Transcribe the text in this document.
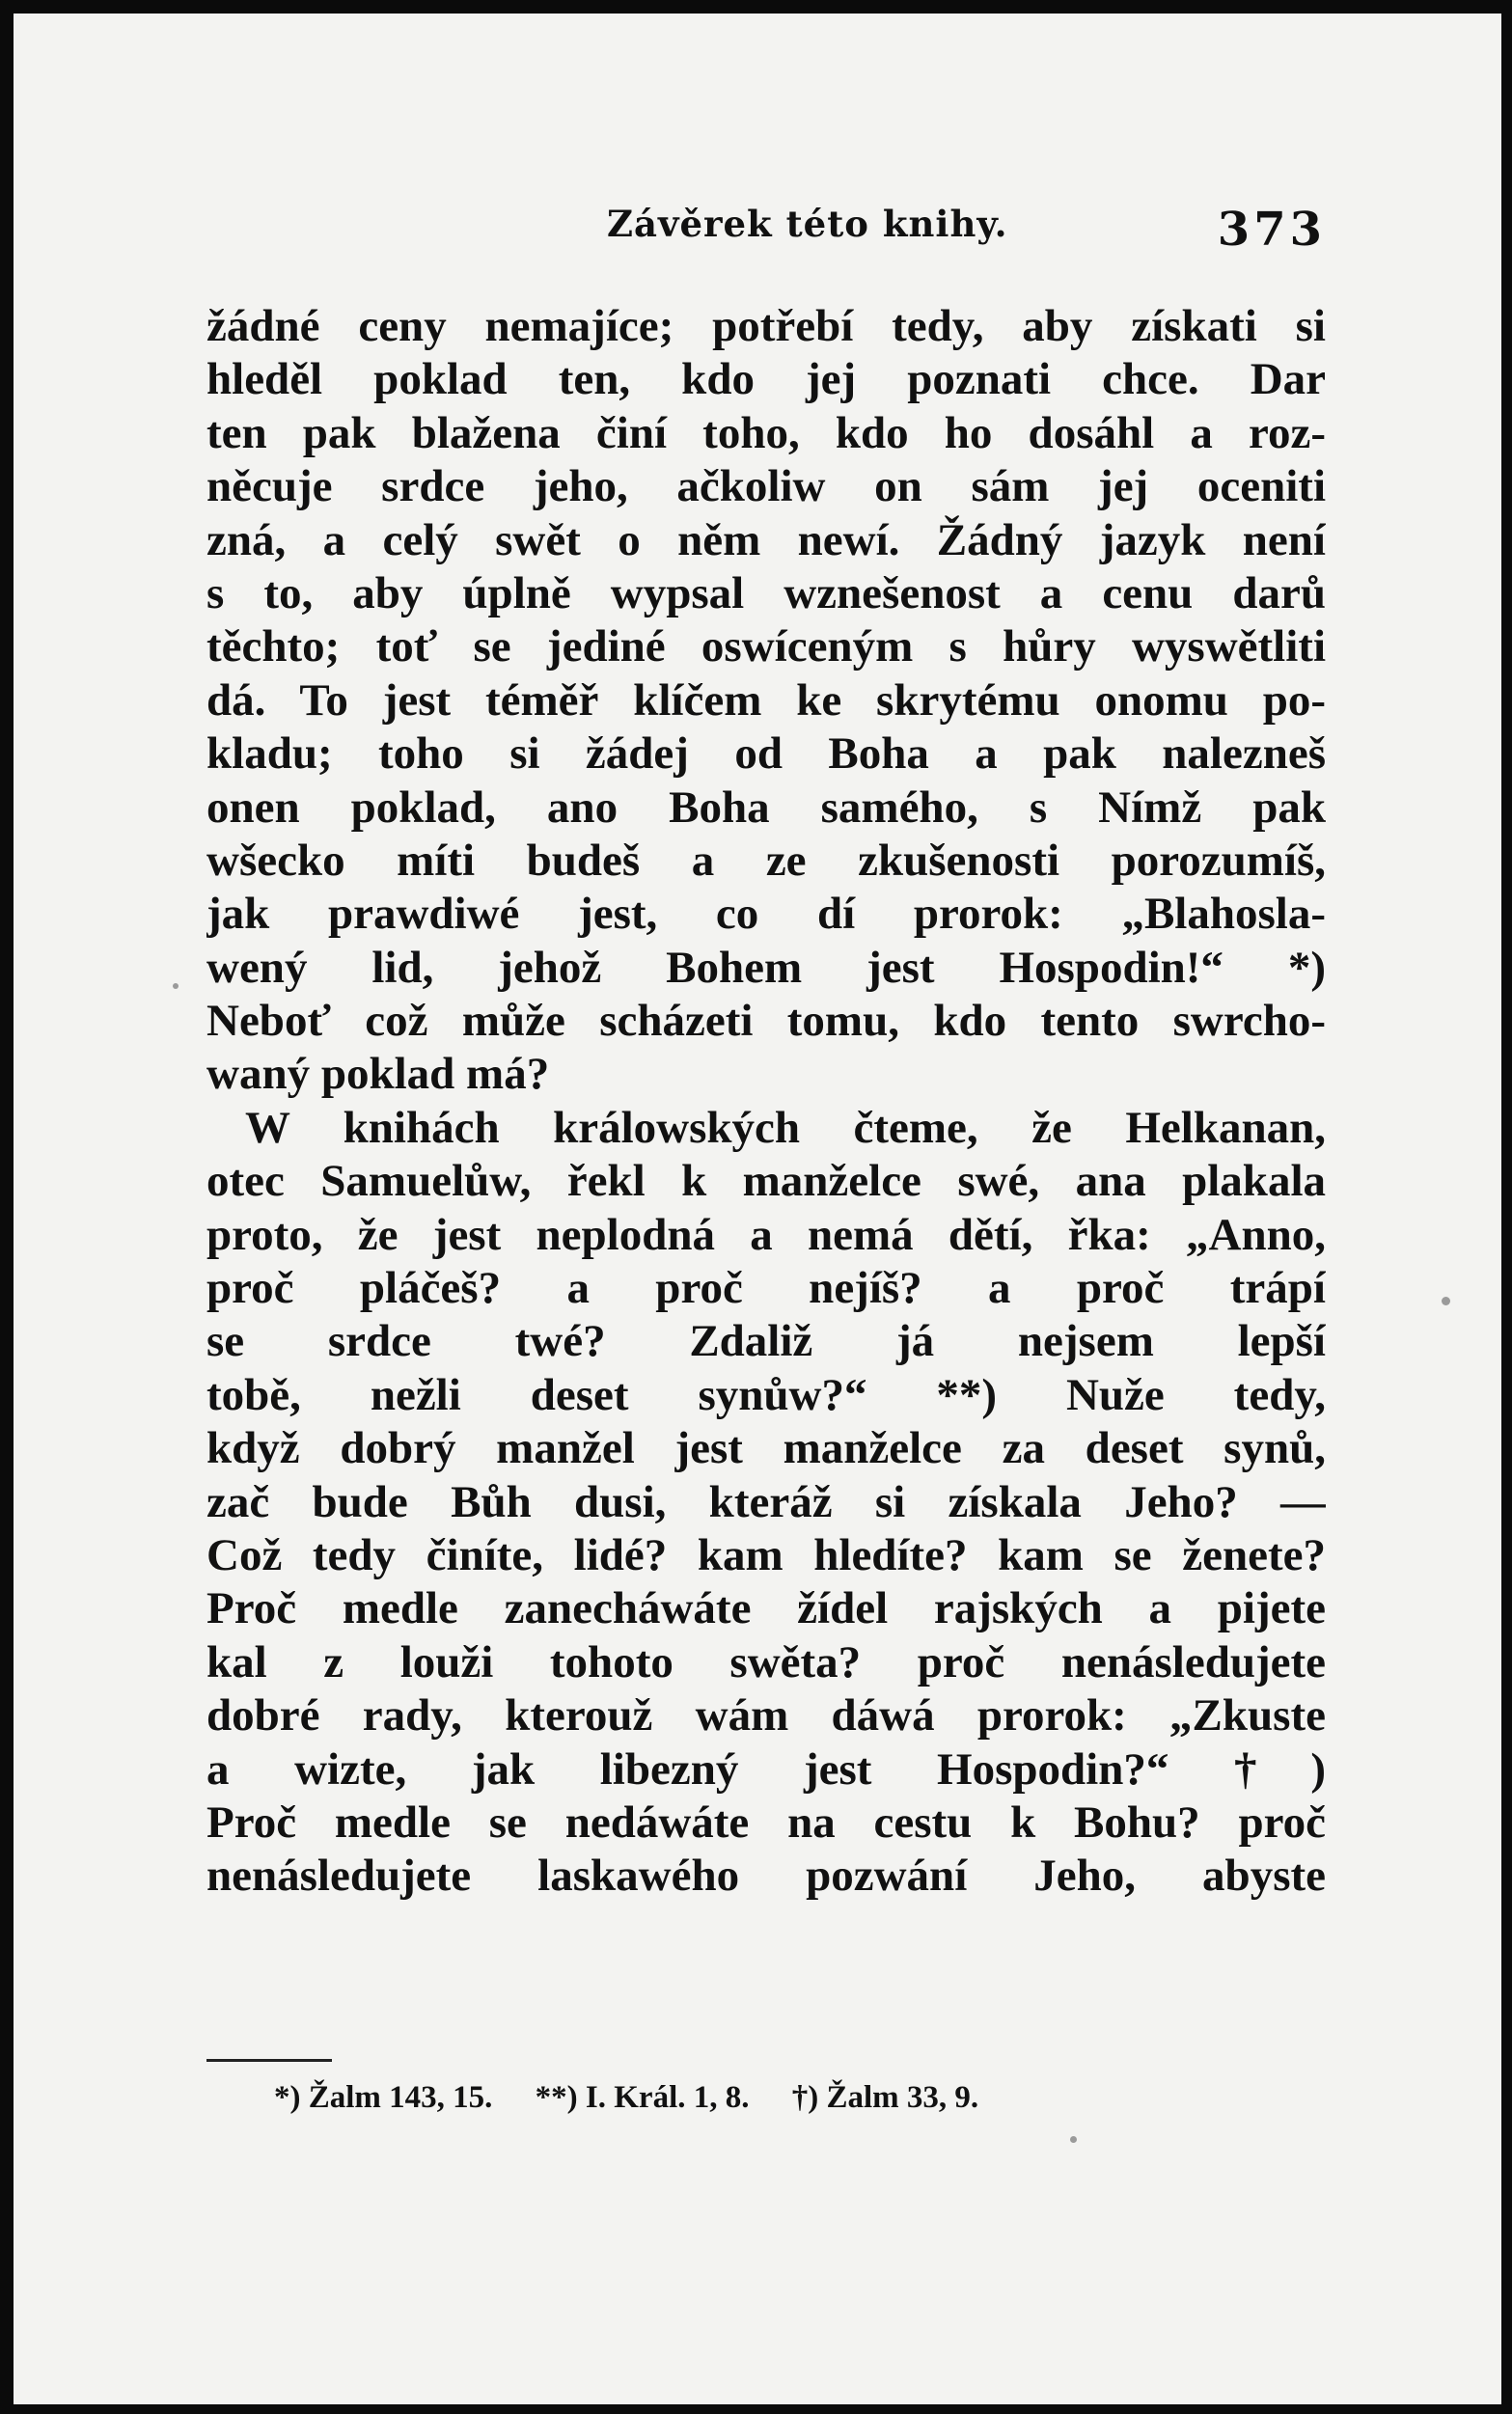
Závěrek této knihy.	373
žádné ceny nemajíce; potřebí tedy, aby získati si
hleděl poklad ten, kdo jej poznati chce. Dar
ten pak blažena činí toho, kdo ho dosáhl a roz-
něcuje srdce jeho, ačkoliw on sám jej oceniti
zná, a celý swět o něm newí. Žádný jazyk není
s to, aby úplně wypsal wznešenost a cenu darů
těchto; toť se jediné oswíceným s hůry wyswětliti
dá. To jest téměř klíčem ke skrytému onomu po-
kladu; toho si žádej od Boha a pak nalezneš
onen poklad, ano Boha samého, s Nímž pak
wšecko míti budeš a ze zkušenosti porozumíš,
jak prawdiwé jest, co dí prorok: „Blahosla-
wený lid, jehož Bohem jest Hospodin!“ *)
Neboť což může scházeti tomu, kdo tento swrcho-
waný poklad má?
W knihách králowských čteme, že Helkanan,
otec Samuelůw, řekl k manželce swé, ana plakala
proto, že jest neplodná a nemá dětí, řka: „Anno,
proč pláčeš? a proč nejíš? a proč trápí
se srdce twé? Zdaliž já nejsem lepší
tobě, nežli deset synůw?“ **) Nuže tedy,
když dobrý manžel jest manželce za deset synů,
zač bude Bůh dusi, kteráž si získala Jeho? —
Což tedy činíte, lidé? kam hledíte? kam se ženete?
Proč medle zanecháwáte žídel rajských a pijete
kal z louži tohoto swěta? proč nenásledujete
dobré rady, kterouž wám dáwá prorok: „Zkuste
a wizte, jak libezný jest Hospodin?“ †)
Proč medle se nedáwáte na cestu k Bohu? proč
nenásledujete laskawého pozwání Jeho, abyste
*) Žalm 143, 15. **) I. Král. 1, 8. †) Žalm 33, 9.
